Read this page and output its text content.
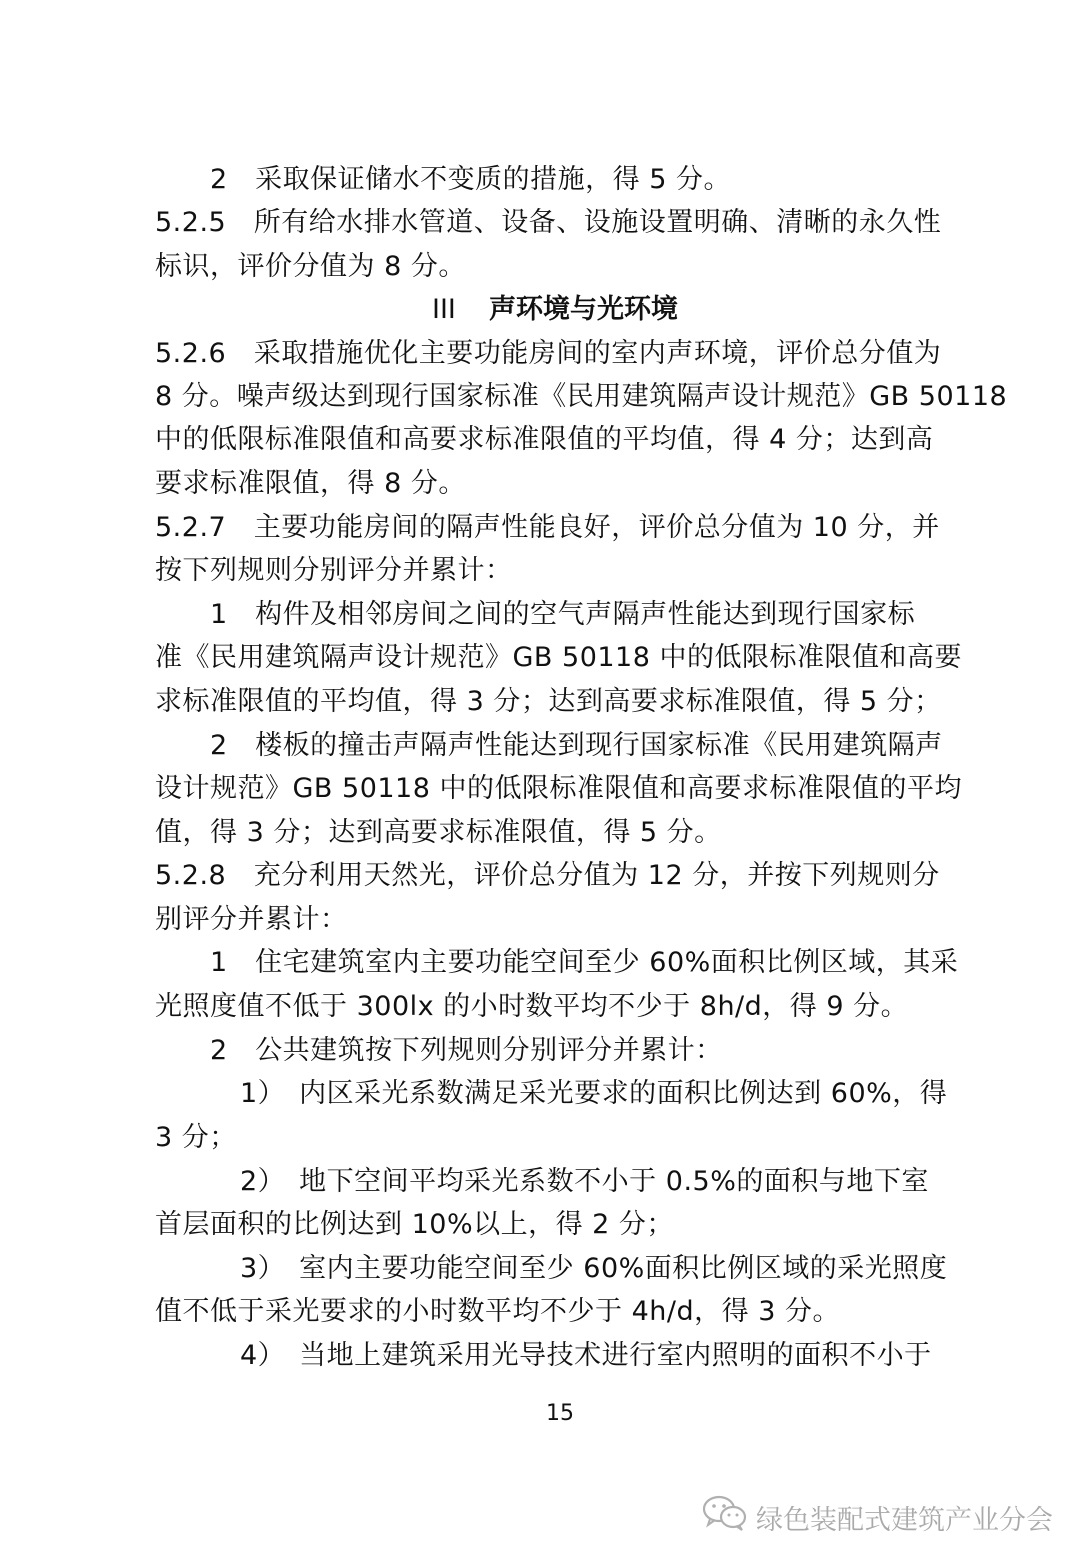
2　采取保证储水不变质的措施，得 5 分。
5.2.5　所有给水排水管道、设备、设施设置明确、清晰的永久性
标识，评价分值为 8 分。
III 声环境与光环境
5.2.6　采取措施优化主要功能房间的室内声环境，评价总分值为
8 分。噪声级达到现行国家标准《民用建筑隔声设计规范》GB 50118
中的低限标准限值和高要求标准限值的平均值，得 4 分；达到高
要求标准限值，得 8 分。
5.2.7　主要功能房间的隔声性能良好，评价总分值为 10 分，并
按下列规则分别评分并累计：
1　构件及相邻房间之间的空气声隔声性能达到现行国家标
准《民用建筑隔声设计规范》GB 50118 中的低限标准限值和高要
求标准限值的平均值，得 3 分；达到高要求标准限值，得 5 分；
2　楼板的撞击声隔声性能达到现行国家标准《民用建筑隔声
设计规范》GB 50118 中的低限标准限值和高要求标准限值的平均
值，得 3 分；达到高要求标准限值，得 5 分。
5.2.8　充分利用天然光，评价总分值为 12 分，并按下列规则分
别评分并累计：
1　住宅建筑室内主要功能空间至少 60%面积比例区域，其采
光照度值不低于 300lx 的小时数平均不少于 8h/d，得 9 分。
2　公共建筑按下列规则分别评分并累计：
1）　内区采光系数满足采光要求的面积比例达到 60%，得
3 分；
2）　地下空间平均采光系数不小于 0.5%的面积与地下室
首层面积的比例达到 10%以上，得 2 分；
3）　室内主要功能空间至少 60%面积比例区域的采光照度
值不低于采光要求的小时数平均不少于 4h/d，得 3 分。
4）　当地上建筑采用光导技术进行室内照明的面积不小于
15
绿色装配式建筑产业分会
